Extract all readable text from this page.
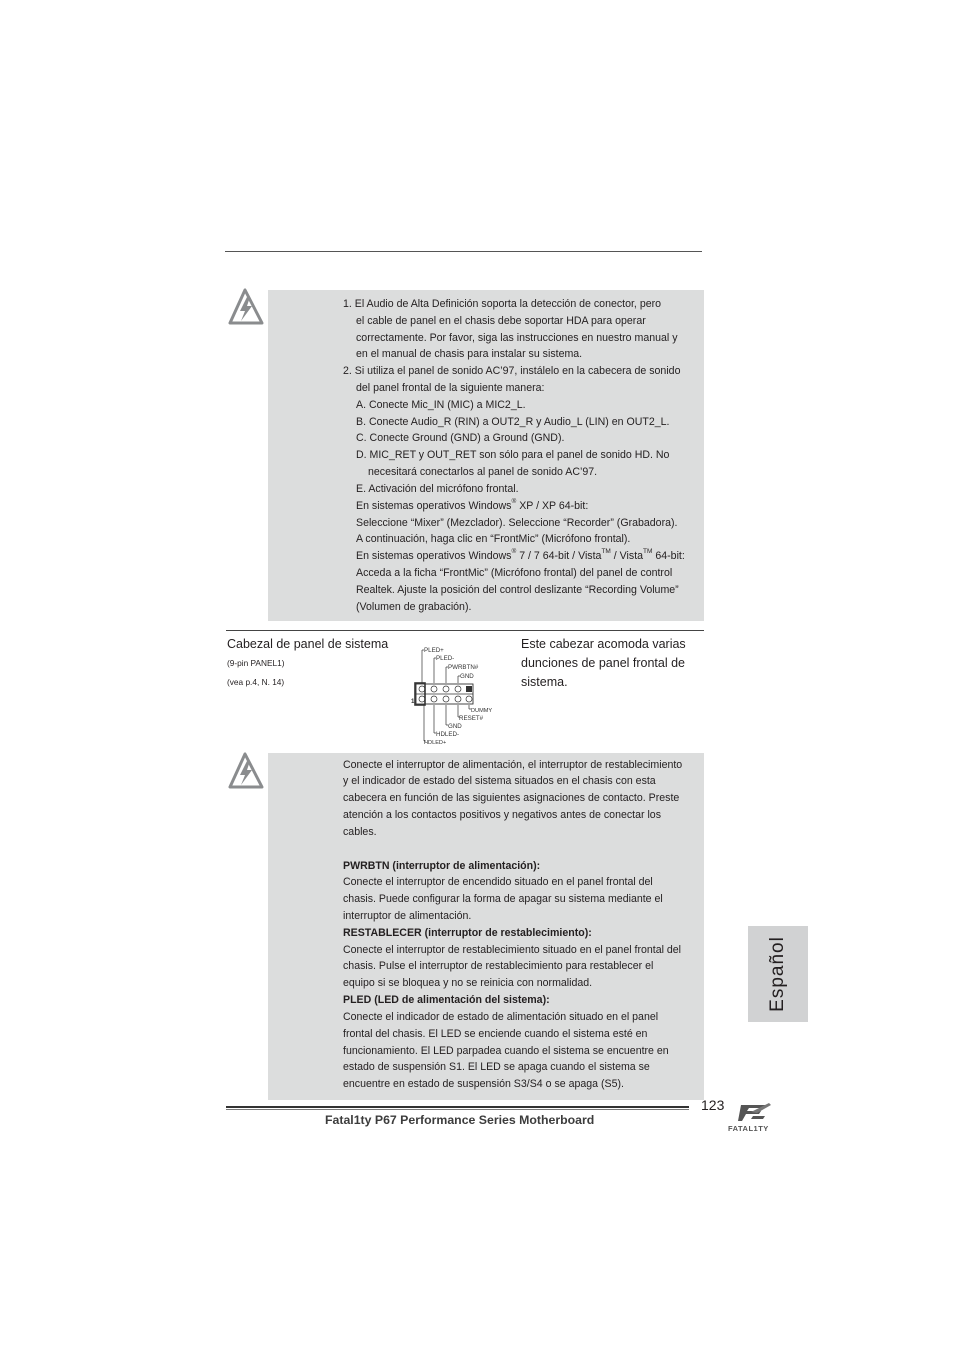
1. El Audio de Alta Definición soporta la detección de conector, pero
el cable de panel en el chasis debe soportar HDA para operar
correctamente. Por favor, siga las instrucciones en nuestro manual y
en el manual de chasis para instalar su sistema.
2. Si utiliza el panel de sonido AC’97, instálelo en la cabecera de sonido
del panel frontal de la siguiente manera:
A. Conecte Mic_IN (MIC) a MIC2_L.
B. Conecte Audio_R (RIN) a OUT2_R y Audio_L (LIN) en OUT2_L.
C. Conecte Ground (GND) a Ground (GND).
D. MIC_RET y OUT_RET son sólo para el panel de sonido HD. No
necesitará conectarlos al panel de sonido AC’97.
E. Activación del micrófono frontal.
En sistemas operativos Windows® XP / XP 64-bit:
Seleccione “Mixer” (Mezclador). Seleccione “Recorder” (Grabadora).
A continuación, haga clic en “FrontMic” (Micrófono frontal).
En sistemas operativos Windows® 7 / 7 64-bit / Vista™ / Vista™ 64-bit:
Acceda a la ficha “FrontMic” (Micrófono frontal) del panel de control
Realtek. Ajuste la posición del control deslizante “Recording Volume”
(Volumen de grabación).
Cabezal de panel de sistema
(9-pin PANEL1)
(vea p.4, N. 14)
Este cabezar acomoda varias
dunciones de panel frontal de
sistema.
PLED+
PLED-
PWRBTN#
GND
DUMMY
RESET#
GND
HDLED-
HDLED+
1
Conecte el interruptor de alimentación, el interruptor de restablecimiento
y el indicador de estado del sistema situados en el chasis con esta
cabecera en función de las siguientes asignaciones de contacto. Preste
atención a los contactos positivos y negativos antes de conectar los
cables.
PWRBTN (interruptor de alimentación):
Conecte el interruptor de encendido situado en el panel frontal del
chasis. Puede configurar la forma de apagar su sistema mediante el
interruptor de alimentación.
RESTABLECER (interruptor de restablecimiento):
Conecte el interruptor de restablecimiento situado en el panel frontal del
chasis. Pulse el interruptor de restablecimiento para restablecer el
equipo si se bloquea y no se reinicia con normalidad.
PLED (LED de alimentación del sistema):
Conecte el indicador de estado de alimentación situado en el panel
frontal del chasis. El LED se enciende cuando el sistema esté en
funcionamiento. El LED parpadea cuando el sistema se encuentre en
estado de suspensión S1. El LED se apaga cuando el sistema se
encuentre en estado de suspensión S3/S4 o se apaga (S5).
Español
123
Fatal1ty P67 Performance Series Motherboard
FATAL1TY
